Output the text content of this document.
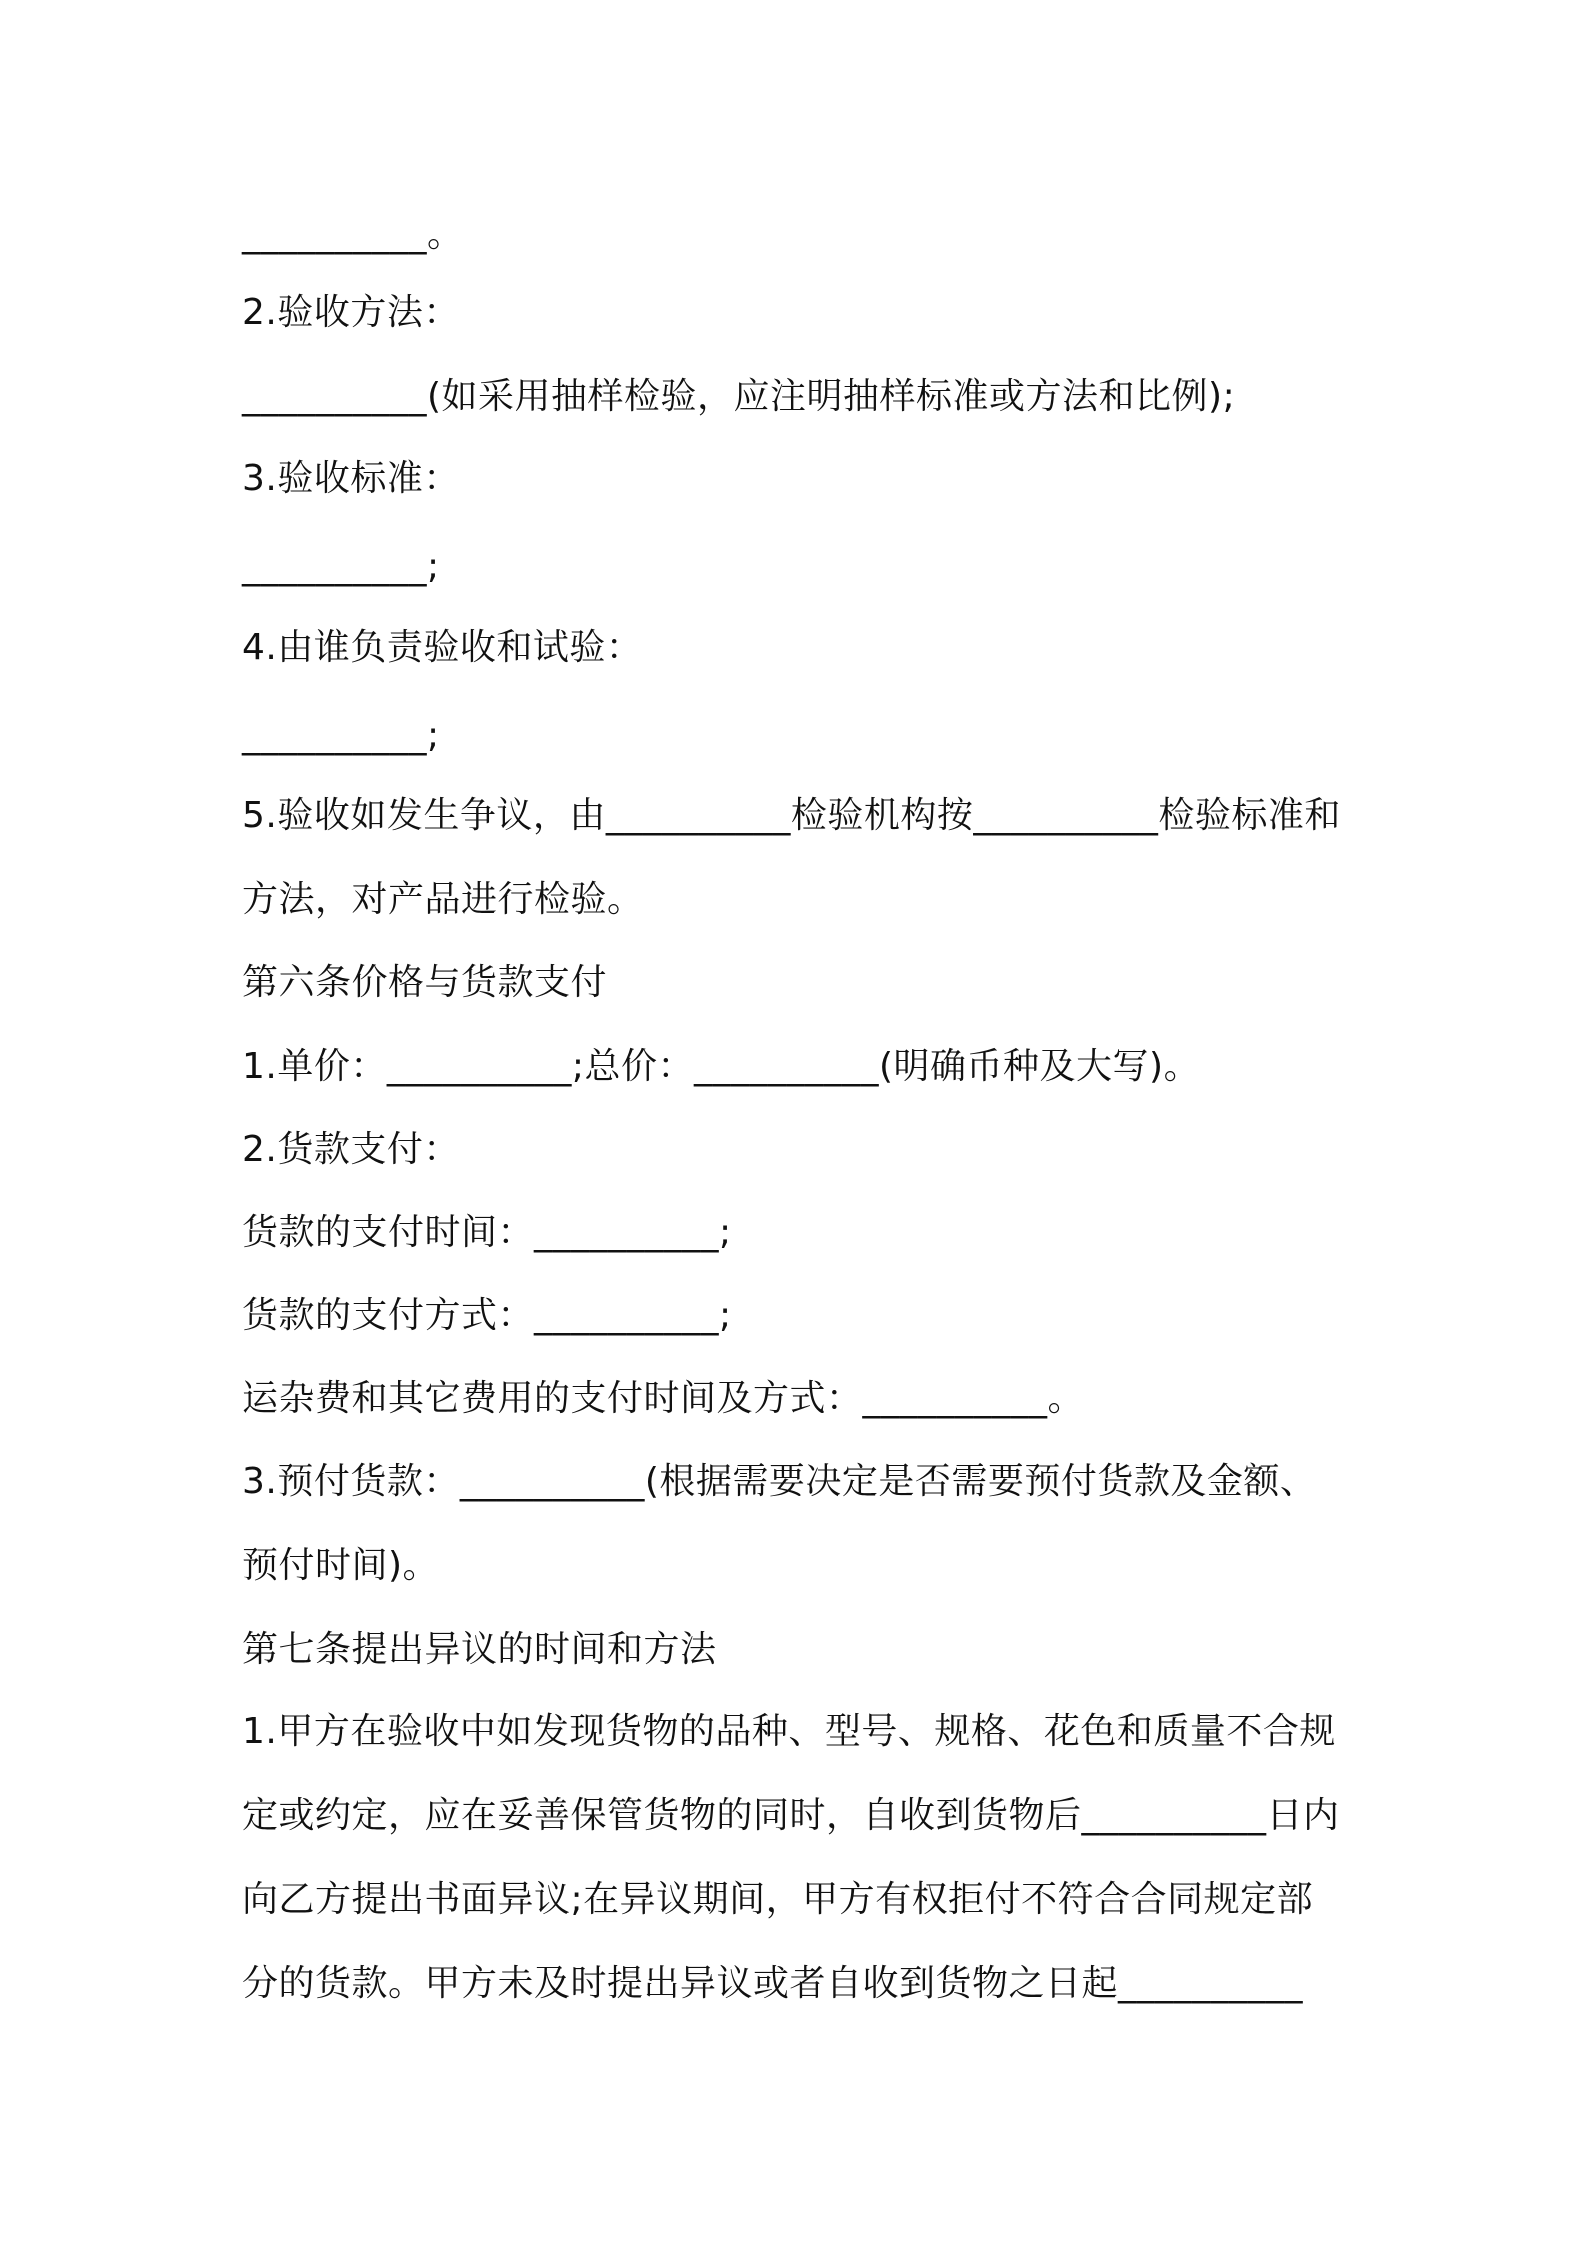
__________。
2.验收方法：
__________(如采用抽样检验，应注明抽样标准或方法和比例);
3.验收标准：
__________;
4.由谁负责验收和试验：
__________;
5.验收如发生争议，由__________检验机构按__________检验标准和
方法，对产品进行检验。
第六条价格与货款支付
1.单价：__________;总价：__________(明确币种及大写)。
2.货款支付：
货款的支付时间：__________;
货款的支付方式：__________;
运杂费和其它费用的支付时间及方式：__________。
3.预付货款：__________(根据需要决定是否需要预付货款及金额、
预付时间)。
第七条提出异议的时间和方法
1.甲方在验收中如发现货物的品种、型号、规格、花色和质量不合规
定或约定，应在妥善保管货物的同时，自收到货物后__________日内
向乙方提出书面异议;在异议期间，甲方有权拒付不符合合同规定部
分的货款。甲方未及时提出异议或者自收到货物之日起__________
